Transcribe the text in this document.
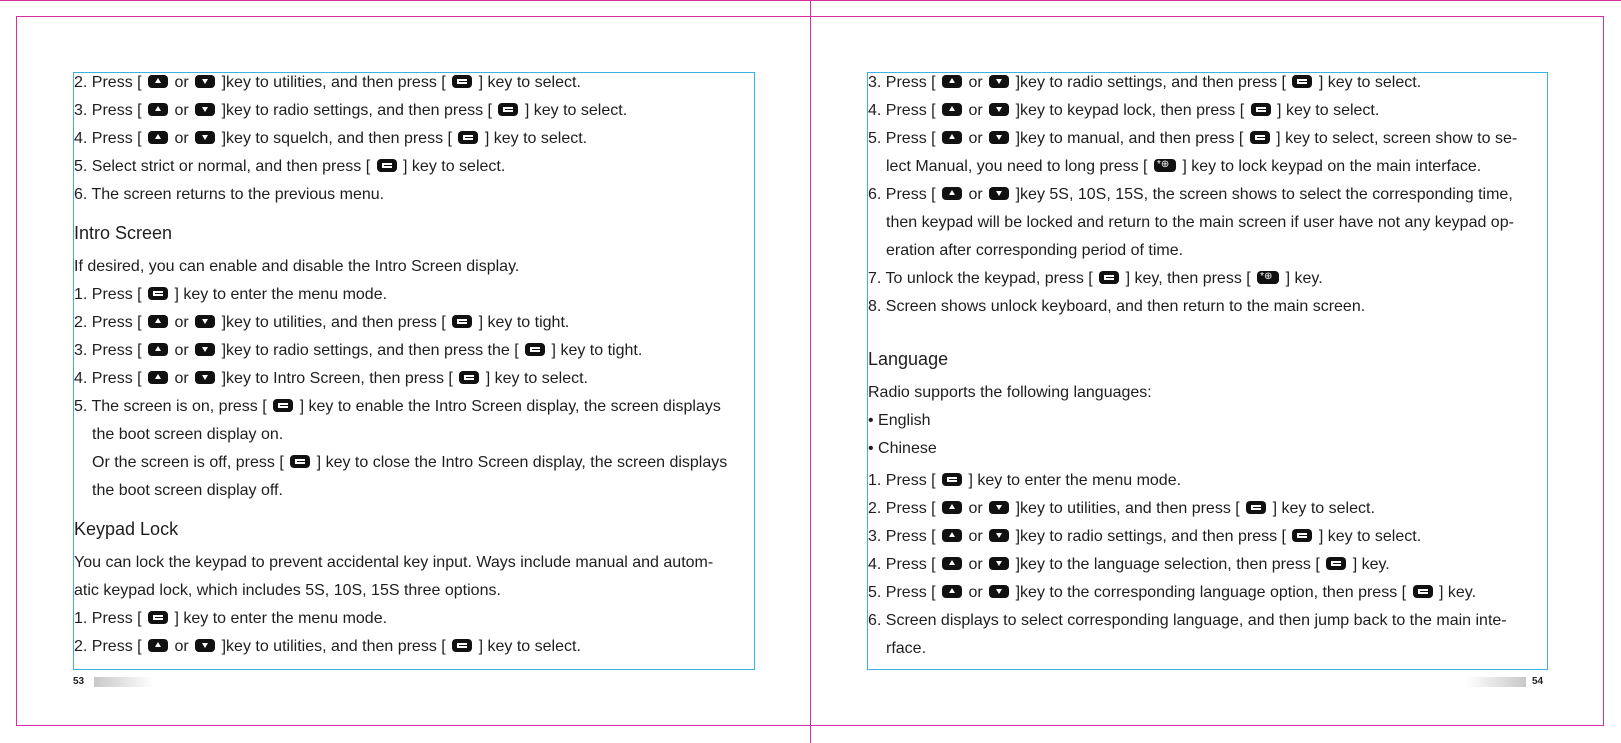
2. Press [  or  ]key to utilities, and then press [  ] key to select.
3. Press [  or  ]key to radio settings, and then press [  ] key to select.
4. Press [  or  ]key to squelch, and then press [  ] key to select.
5. Select strict or normal, and then press [  ] key to select.
6. The screen returns to the previous menu.
Intro Screen
If desired, you can enable and disable the Intro Screen display.
1. Press [  ] key to enter the menu mode.
2. Press [  or  ]key to utilities, and then press [  ] key to tight.
3. Press [  or  ]key to radio settings, and then press the [  ] key to tight.
4. Press [  or  ]key to Intro Screen, then press [  ] key to select.
5. The screen is on, press [  ] key to enable the Intro Screen display, the screen displays
the boot screen display on.
Or the screen is off, press [  ] key to close the Intro Screen display, the screen displays
the boot screen display off.
Keypad Lock
You can lock the keypad to prevent accidental key input. Ways include manual and autom-
atic keypad lock, which includes 5S, 10S, 15S three options.
1. Press [  ] key to enter the menu mode.
2. Press [  or  ]key to utilities, and then press [  ] key to select.
3. Press [  or  ]key to radio settings, and then press [  ] key to select.
4. Press [  or  ]key to keypad lock, then press [  ] key to select.
5. Press [  or  ]key to manual, and then press [  ] key to select, screen show to se-
lect Manual, you need to long press [ *⊕ ] key to lock keypad on the main interface.
6. Press [  or  ]key 5S, 10S, 15S, the screen shows to select the corresponding time,
then keypad will be locked and return to the main screen if user have not any keypad op-
eration after corresponding period of time.
7. To unlock the keypad, press [  ] key, then press [ *⊕ ] key.
8. Screen shows unlock keyboard, and then return to the main screen.
Language
Radio supports the following languages:
• English
• Chinese
1. Press [  ] key to enter the menu mode.
2. Press [  or  ]key to utilities, and then press [  ] key to select.
3. Press [  or  ]key to radio settings, and then press [  ] key to select.
4. Press [  or  ]key to the language selection, then press [  ] key.
5. Press [  or  ]key to the corresponding language option, then press [  ] key.
6. Screen displays to select corresponding language, and then jump back to the main inte-
rface.
53	54
